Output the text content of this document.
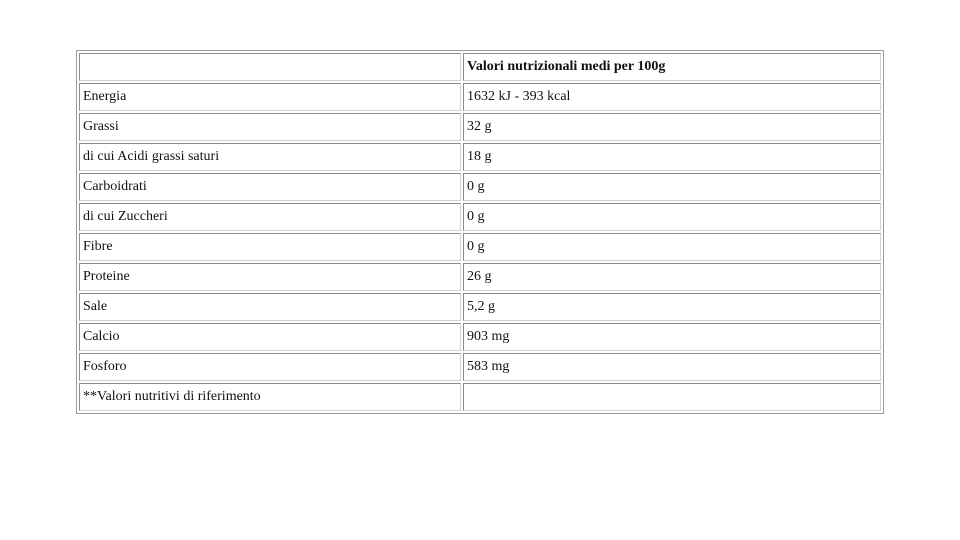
	Valori nutrizionali medi per 100g
Energia	1632 kJ - 393 kcal
Grassi	32 g
di cui Acidi grassi saturi	18 g
Carboidrati	0 g
di cui Zuccheri	0 g
Fibre	0 g
Proteine	26 g
Sale	5,2 g
Calcio	903 mg
Fosforo	583 mg
**Valori nutritivi di riferimento	
